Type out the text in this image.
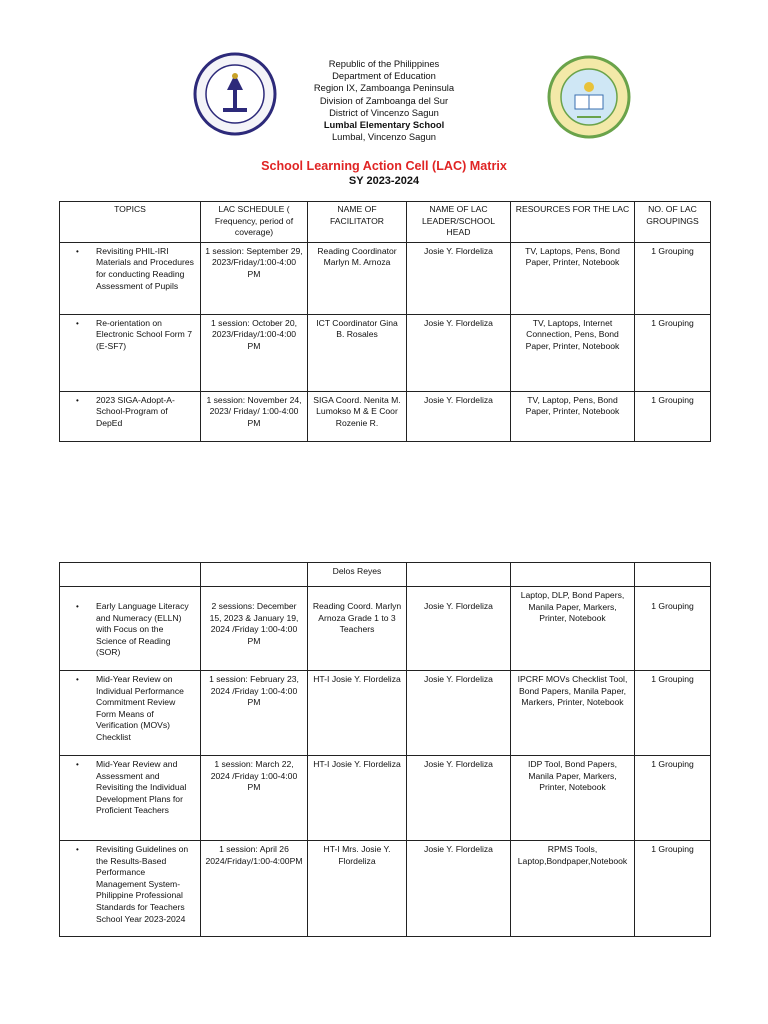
Republic of the Philippines
Department of Education
Region IX, Zamboanga Peninsula
Division of Zamboanga del Sur
District of Vincenzo Sagun
Lumbal Elementary School
Lumbal, Vincenzo Sagun
School Learning Action Cell (LAC) Matrix
SY 2023-2024
TOPICS	LAC SCHEDULE ( Frequency, period of coverage)	NAME OF FACILITATOR	NAME OF LAC LEADER/SCHOOL HEAD	RESOURCES FOR THE LAC	NO. OF LAC GROUPINGS

• Revisiting PHIL-IRI Materials and Procedures for conducting Reading Assessment of Pupils	1 session: September 29, 2023/Friday/1:00-4:00 PM	Reading Coordinator Marlyn M. Arnoza	Josie Y. Flordeliza	TV, Laptops, Pens, Bond Paper, Printer, Notebook	1 Grouping

• Re-orientation on Electronic School Form 7 (E-SF7)	1 session: October 20, 2023/Friday/1:00-4:00 PM	ICT Coordinator Gina B. Rosales	Josie Y. Flordeliza	TV, Laptops, Internet Connection, Pens, Bond Paper, Printer, Notebook	1 Grouping

• 2023 SIGA-Adopt-A-School-Program of DepEd	1 session: November 24, 2023/ Friday/ 1:00-4:00 PM	SIGA Coord. Nenita M. Lumokso M & E Coor Rozenie R.	Josie Y. Flordeliza	TV, Laptop, Pens, Bond Paper, Printer, Notebook	1 Grouping
		Delos Reyes			

• Early Language Literacy and Numeracy (ELLN) with Focus on the Science of Reading (SOR)	2 sessions: December 15, 2023 & January 19, 2024 /Friday 1:00-4:00 PM	Reading Coord. Marlyn Arnoza Grade 1 to 3 Teachers	Josie Y. Flordeliza	Laptop, DLP, Bond Papers, Manila Paper, Markers, Printer, Notebook	1 Grouping

• Mid-Year Review on Individual Performance Commitment Review Form Means of Verification (MOVs) Checklist	1 session: February 23, 2024 /Friday 1:00-4:00 PM	HT-I Josie Y. Flordeliza	Josie Y. Flordeliza	IPCRF MOVs Checklist Tool, Bond Papers, Manila Paper, Markers, Printer, Notebook	1 Grouping

• Mid-Year Review and Assessment and Revisiting the Individual Development Plans for Proficient Teachers	1 session: March 22, 2024 /Friday 1:00-4:00 PM	HT-I Josie Y. Flordeliza	Josie Y. Flordeliza	IDP Tool, Bond Papers, Manila Paper, Markers, Printer, Notebook	1 Grouping

• Revisiting Guidelines on the Results-Based Performance Management System-Philippine Professional Standards for Teachers School Year 2023-2024	1 session: April 26 2024/Friday/1:00-4:00PM	HT-I Mrs. Josie Y. Flordeliza	Josie Y. Flordeliza	RPMS Tools, Laptop,Bondpaper,Notebook	1 Grouping
